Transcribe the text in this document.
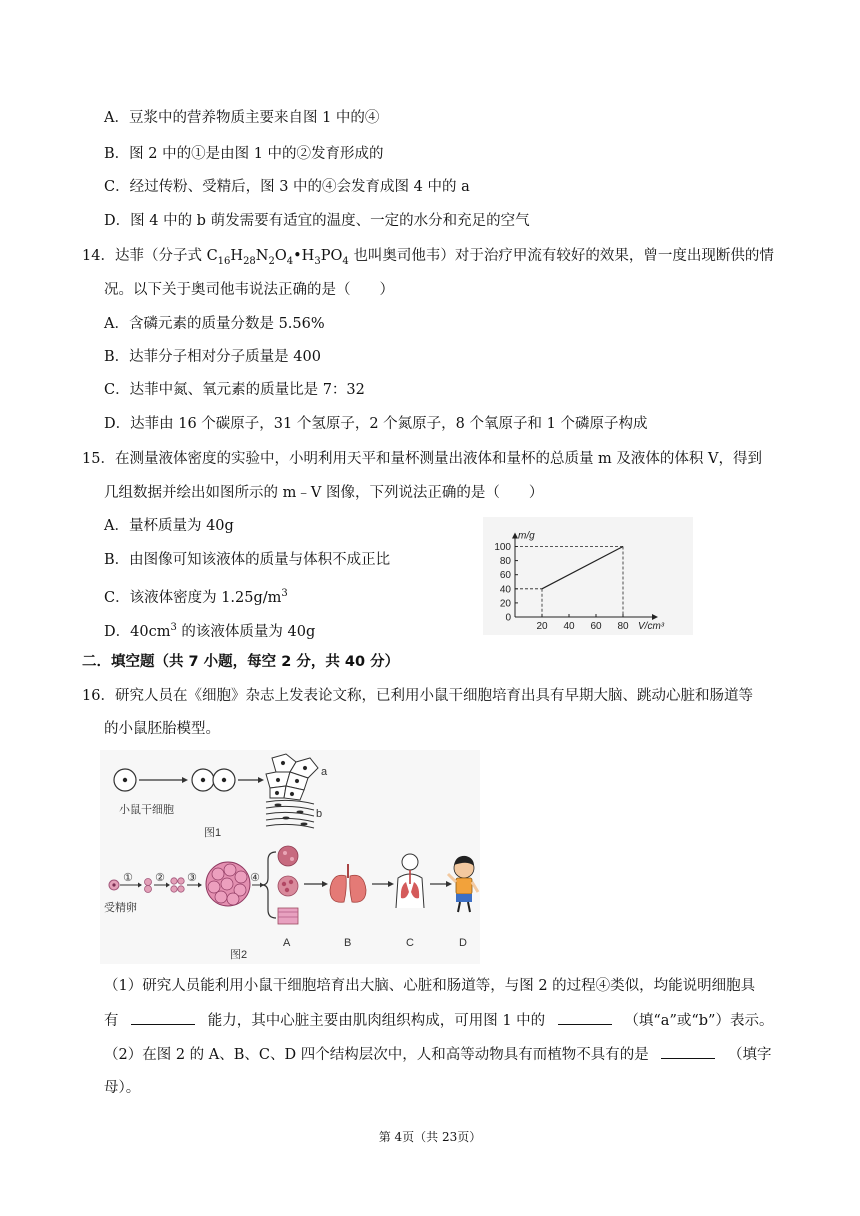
A．豆浆中的营养物质主要来自图 1 中的④
B．图 2 中的①是由图 1 中的②发育形成的
C．经过传粉、受精后，图 3 中的④会发育成图 4 中的 a
D．图 4 中的 b 萌发需要有适宜的温度、一定的水分和充足的空气
14．达菲（分子式 $C_{16}H_{28}N_2O_4•H_3PO_4$ 也叫奥司他韦）对于治疗甲流有较好的效果，曾一度出现断供的情
况。以下关于奥司他韦说法正确的是（　　）
A．含磷元素的质量分数是 5.56%
B．达菲分子相对分子质量是 400
C．达菲中氮、氧元素的质量比是 7：32
D．达菲由 16 个碳原子，31 个氢原子，2 个氮原子，8 个氧原子和 1 个磷原子构成
15．在测量液体密度的实验中，小明利用天平和量杯测量出液体和量杯的总质量 m 及液体的体积 V，得到
几组数据并绘出如图所示的 m﹣V 图像，下列说法正确的是（　　）
A．量杯质量为 40g
B．由图像可知该液体的质量与体积不成正比
C．该液体密度为 $1.25g/m^3$
D．$40cm^3$ 的该液体质量为 40g
0
20
40
60
80
100
20 40 60 80
m/g
V/cm³
二．填空题（共 7 小题，每空 2 分，共 40 分）
16．研究人员在《细胞》杂志上发表论文称，已利用小鼠干细胞培育出具有早期大脑、跳动心脏和肠道等
的小鼠胚胎模型。
a
b
小鼠干细胞
图1
① ② ③	④
受精卵
A	B	C	D
图2
（1）研究人员能利用小鼠干细胞培育出大脑、心脏和肠道等，与图 2 的过程④类似，均能说明细胞具
有	能力，其中心脏主要由肌肉组织构成，可用图 1 中的	（填“a”或“b”）表示。
（2）在图 2 的 A、B、C、D 四个结构层次中，人和高等动物具有而植物不具有的是	（填字
母）。
第 4页（共 23页）
